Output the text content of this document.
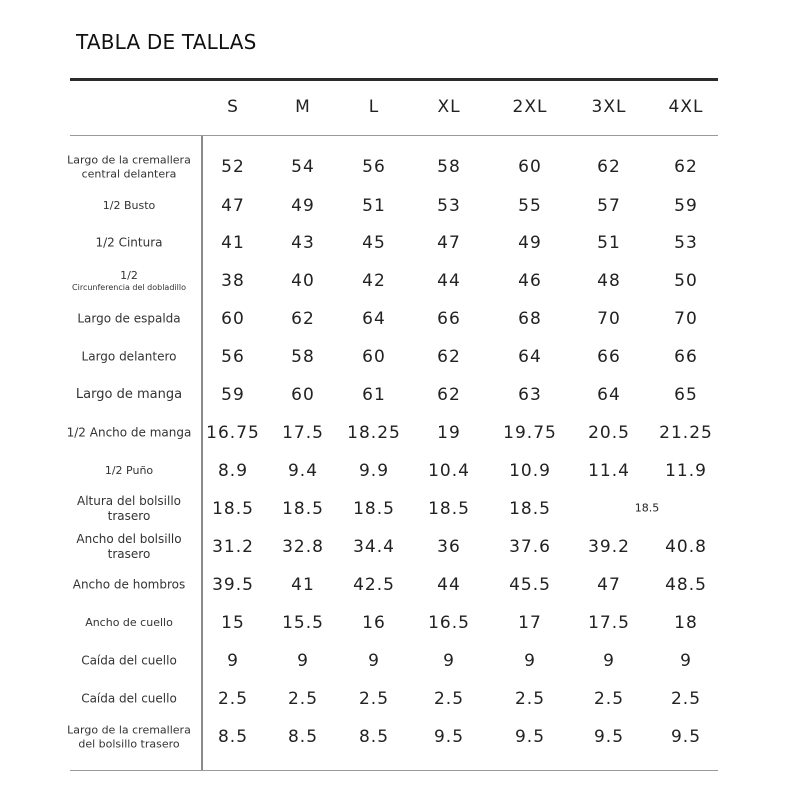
TABLA DE TALLAS
S	M	L	XL	2XL	3XL 4XL
Largo de la cremallera
central delantera	52	54	56	58	60	62	62
1/2 Busto	47	49	51	53	55	57	59
1/2 Cintura	41	43	45	47	49	51	53
1/2
Circunferencia del dobladillo	38	40	42	44	46	48	50
Largo de espalda	60	62	64	66	68	70	70
Largo delantero	56	58	60	62	64	66	66
Largo de manga	59	60	61	62	63	64	65
1/2 Ancho de manga 16.75 17.5 18.25 19 19.75 20.5 21.25
1/2 Puño	8.9 9.4 9.9 10.4 10.9 11.4 11.9
Altura del bolsillo
trasero	18.5 18.5 18.5 18.5 18.5	18.5
Ancho del bolsillo
trasero	31.2 32.8 34.4 36	37.6 39.2 40.8
Ancho de hombros	39.5 41 42.5 44	45.5	47	48.5
Ancho de cuello	15 15.5 16 16.5	17	17.5	18
Caída del cuello	9	9	9	9	9	9	9
Caída del cuello	2.5 2.5 2.5	2.5	2.5	2.5	2.5
Largo de la cremallera
del bolsillo trasero	8.5 8.5 8.5	9.5	9.5	9.5	9.5
